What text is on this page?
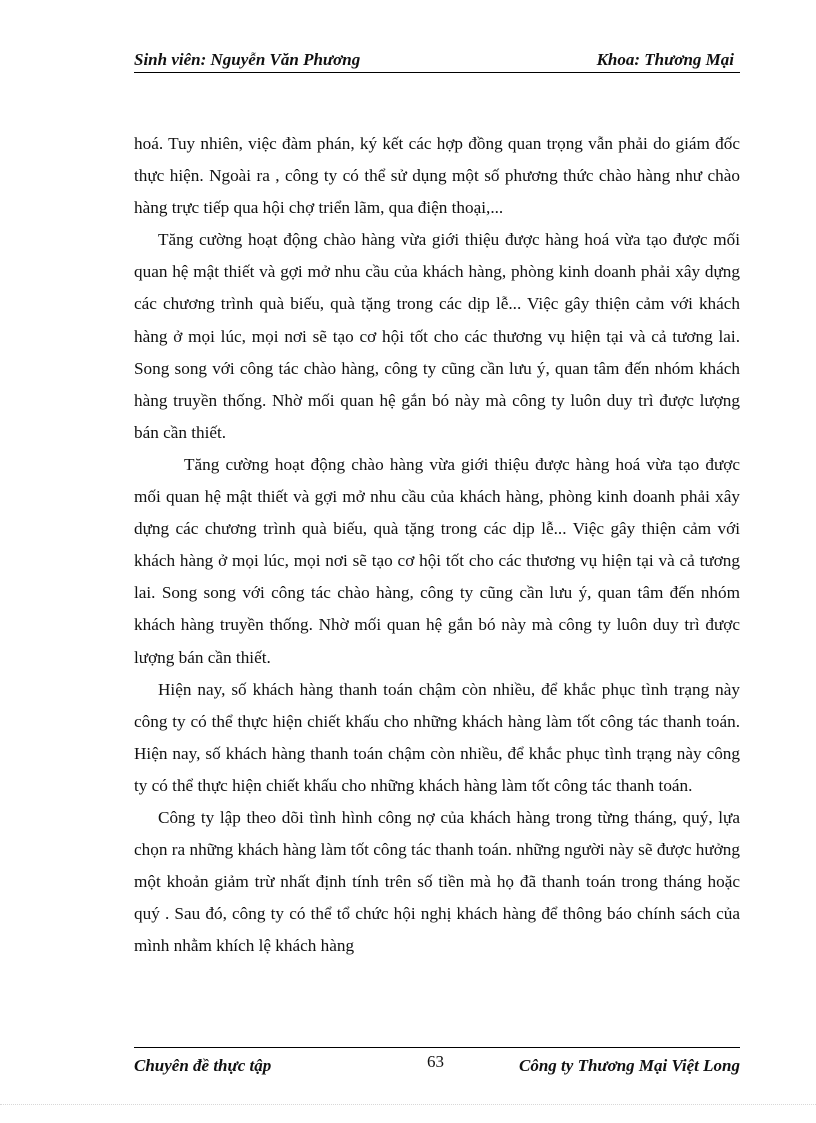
Sinh viên: Nguyễn Văn Phương	Khoa: Thương Mại

hoá. Tuy nhiên, việc đàm phán, ký kết các hợp đồng quan trọng vẫn phải do giám đốc thực hiện. Ngoài ra , công ty có thể sử dụng một số phương thức chào hàng như chào hàng trực tiếp qua hội chợ triển lãm, qua điện thoại,...

Tăng cường hoạt động chào hàng vừa giới thiệu được hàng hoá vừa tạo được mối quan hệ mật thiết và gợi mở nhu cầu của khách hàng, phòng kinh doanh phải xây dựng các chương trình quà biếu, quà tặng trong các dịp lễ... Việc gây thiện cảm với khách hàng ở mọi lúc, mọi nơi sẽ tạo cơ hội tốt cho các thương vụ hiện tại và cả tương lai. Song song với công tác chào hàng, công ty cũng cần lưu ý, quan tâm đến nhóm khách hàng truyền thống. Nhờ mối quan hệ gắn bó này mà công ty luôn duy trì được lượng bán cần thiết.

Tăng cường hoạt động chào hàng vừa giới thiệu được hàng hoá vừa tạo được mối quan hệ mật thiết và gợi mở nhu cầu của khách hàng, phòng kinh doanh phải xây dựng các chương trình quà biếu, quà tặng trong các dịp lễ... Việc gây thiện cảm với khách hàng ở mọi lúc, mọi nơi sẽ tạo cơ hội tốt cho các thương vụ hiện tại và cả tương lai. Song song với công tác chào hàng, công ty cũng cần lưu ý, quan tâm đến nhóm khách hàng truyền thống. Nhờ mối quan hệ gắn bó này mà công ty luôn duy trì được lượng bán cần thiết.

Hiện nay, số khách hàng thanh toán chậm còn nhiều, để khắc phục tình trạng này công ty có thể thực hiện chiết khấu cho những khách hàng làm tốt công tác thanh toán.      Hiện nay, số khách hàng thanh toán chậm còn nhiều, để khắc phục tình trạng này công ty có thể thực hiện chiết khấu cho những khách hàng làm tốt công tác thanh toán.

Công ty lập theo dõi tình hình công nợ của khách hàng trong từng tháng, quý, lựa chọn ra những khách hàng làm tốt công tác thanh toán. những người này sẽ được hưởng một khoản giảm trừ nhất định tính trên số tiền mà họ đã thanh toán trong tháng hoặc quý . Sau đó, công ty có thể tổ chức hội nghị khách hàng để thông báo chính sách của mình nhằm khích lệ khách hàng

Chuyên đề thực tập	63	Công ty Thương Mại Việt Long
